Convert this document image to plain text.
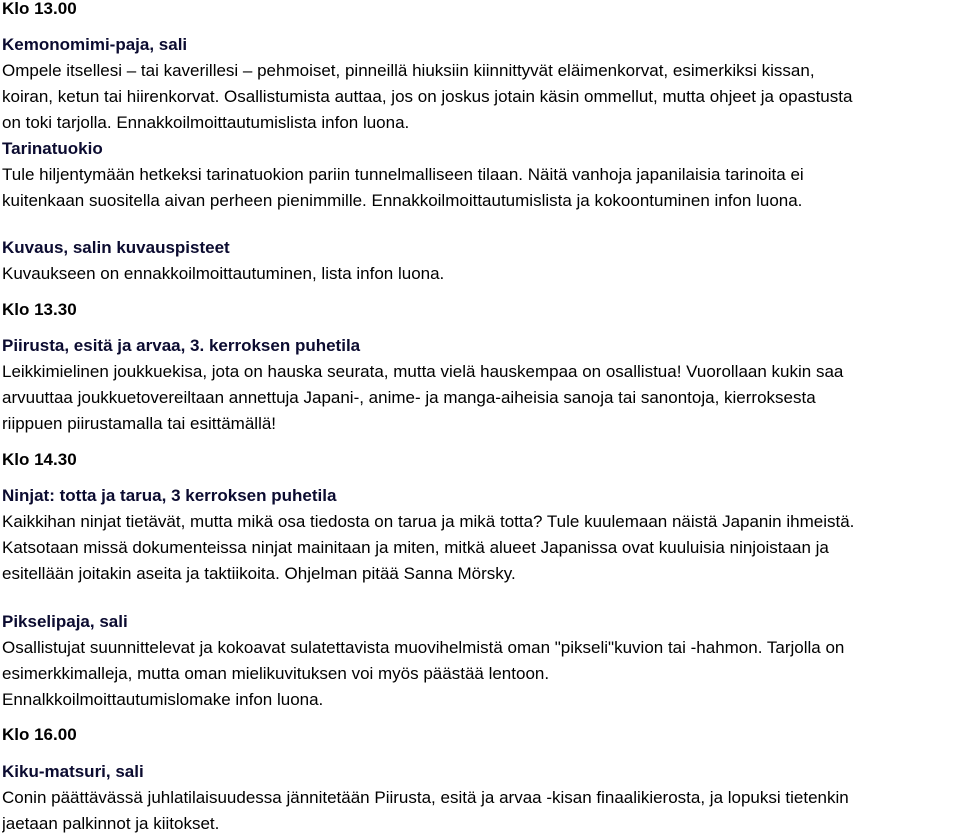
Klo 13.00
Kemonomimi-paja, sali
Ompele itsellesi – tai kaverillesi – pehmoiset, pinneillä hiuksiin kiinnittyvät eläimenkorvat, esimerkiksi kissan,
koiran, ketun tai hiirenkorvat. Osallistumista auttaa, jos on joskus jotain käsin ommellut, mutta ohjeet ja opastusta
on toki tarjolla. Ennakkoilmoittautumislista infon luona.
Tarinatuokio
Tule hiljentymään hetkeksi tarinatuokion pariin tunnelmalliseen tilaan. Näitä vanhoja japanilaisia tarinoita ei
kuitenkaan suositella aivan perheen pienimmille. Ennakkoilmoittautumislista ja kokoontuminen infon luona.
Kuvaus, salin kuvauspisteet
Kuvaukseen on ennakkoilmoittautuminen, lista infon luona.
Klo 13.30
Piirusta, esitä ja arvaa, 3. kerroksen puhetila
Leikkimielinen joukkuekisa, jota on hauska seurata, mutta vielä hauskempaa on osallistua! Vuorollaan kukin saa
arvuuttaa joukkuetovereiltaan annettuja Japani-, anime- ja manga-aiheisia sanoja tai sanontoja, kierroksesta
riippuen piirustamalla tai esittämällä!
Klo 14.30
Ninjat: totta ja tarua, 3 kerroksen puhetila
Kaikkihan ninjat tietävät, mutta mikä osa tiedosta on tarua ja mikä totta? Tule kuulemaan näistä Japanin ihmeistä.
Katsotaan missä dokumenteissa ninjat mainitaan ja miten, mitkä alueet Japanissa ovat kuuluisia ninjoistaan ja
esitellään joitakin aseita ja taktiikoita. Ohjelman pitää Sanna Mörsky.
Pikselipaja, sali
Osallistujat suunnittelevat ja kokoavat sulatettavista muovihelmistä oman "pikseli"kuvion tai -hahmon. Tarjolla on
esimerkkimalleja, mutta oman mielikuvituksen voi myös päästää lentoon.
Ennalkkoilmoittautumislomake infon luona.
Klo 16.00
Kiku-matsuri, sali
Conin päättävässä juhlatilaisuudessa jännitetään Piirusta, esitä ja arvaa -kisan finaalikierosta, ja lopuksi tietenkin
jaetaan palkinnot ja kiitokset.
